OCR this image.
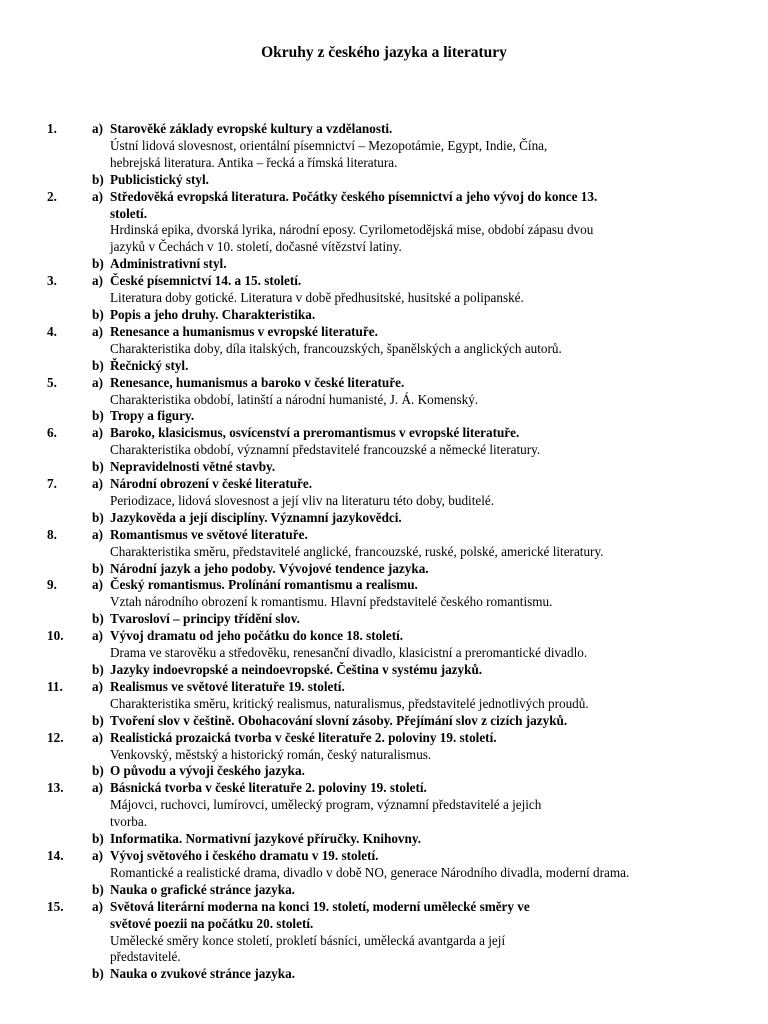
Okruhy z českého jazyka a literatury
1.	a) Starověké základy evropské kultury a vzdělanosti.
Ústní lidová slovesnost, orientální písemnictví – Mezopotámie, Egypt, Indie, Čína,
hebrejská literatura. Antika – řecká a římská literatura.
b) Publicistický styl.
2.	a) Středověká evropská literatura. Počátky českého písemnictví a jeho vývoj do konce 13.
století.
Hrdinská epika, dvorská lyrika, národní eposy. Cyrilometodějská mise, období zápasu dvou
jazyků v Čechách v 10. století, dočasné vítězství latiny.
b) Administrativní styl.
3.	a) České písemnictví 14. a 15. století.
Literatura doby gotické. Literatura v době předhusitské, husitské a polipanské.
b) Popis a jeho druhy. Charakteristika.
4.	a) Renesance a humanismus v evropské literatuře.
Charakteristika doby, díla italských, francouzských, španělských a anglických autorů.
b) Řečnický styl.
5.	a) Renesance, humanismus a baroko v české literatuře.
Charakteristika období, latinští a národní humanisté, J. Á. Komenský.
b) Tropy a figury.
6.	a) Baroko, klasicismus, osvícenství a preromantismus v evropské literatuře.
Charakteristika období, významní představitelé francouzské a německé literatury.
b) Nepravidelnosti větné stavby.
7.	a) Národní obrození v české literatuře.
Periodizace, lidová slovesnost a její vliv na literaturu této doby, buditelé.
b) Jazykověda a její disciplíny. Významní jazykovědci.
8.	a) Romantismus ve světové literatuře.
Charakteristika směru, představitelé anglické, francouzské, ruské, polské, americké literatury.
b) Národní jazyk a jeho podoby. Vývojové tendence jazyka.
9.	a) Český romantismus. Prolínání romantismu a realismu.
Vztah národního obrození k romantismu. Hlavní představitelé českého romantismu.
b) Tvarosloví – principy třídění slov.
10. a) Vývoj dramatu od jeho počátku do konce 18. století.
Drama ve starověku a středověku, renesanční divadlo, klasicistní a preromantické divadlo.
b) Jazyky indoevropské a neindoevropské. Čeština v systému jazyků.
11. a) Realismus ve světové literatuře 19. století.
Charakteristika směru, kritický realismus, naturalismus, představitelé jednotlivých proudů.
b) Tvoření slov v češtině. Obohacování slovní zásoby. Přejímání slov z cizích jazyků.
12. a) Realistická prozaická tvorba v české literatuře 2. poloviny 19. století.
Venkovský, městský a historický román, český naturalismus.
b) O původu a vývoji českého jazyka.
13. a) Básnická tvorba v české literatuře 2. poloviny 19. století.
Májovci, ruchovci, lumírovci, umělecký program, významní představitelé a jejich
tvorba.
b) Informatika. Normativní jazykové příručky. Knihovny.
14. a) Vývoj světového i českého dramatu v 19. století.
Romantické a realistické drama, divadlo v době NO, generace Národního divadla, moderní drama.
b) Nauka o grafické stránce jazyka.
15. a) Světová literární moderna na konci 19. století, moderní umělecké směry ve
světové poezii na počátku 20. století.
Umělecké směry konce století, prokletí básníci, umělecká avantgarda a její
představitelé.
b) Nauka o zvukové stránce jazyka.
